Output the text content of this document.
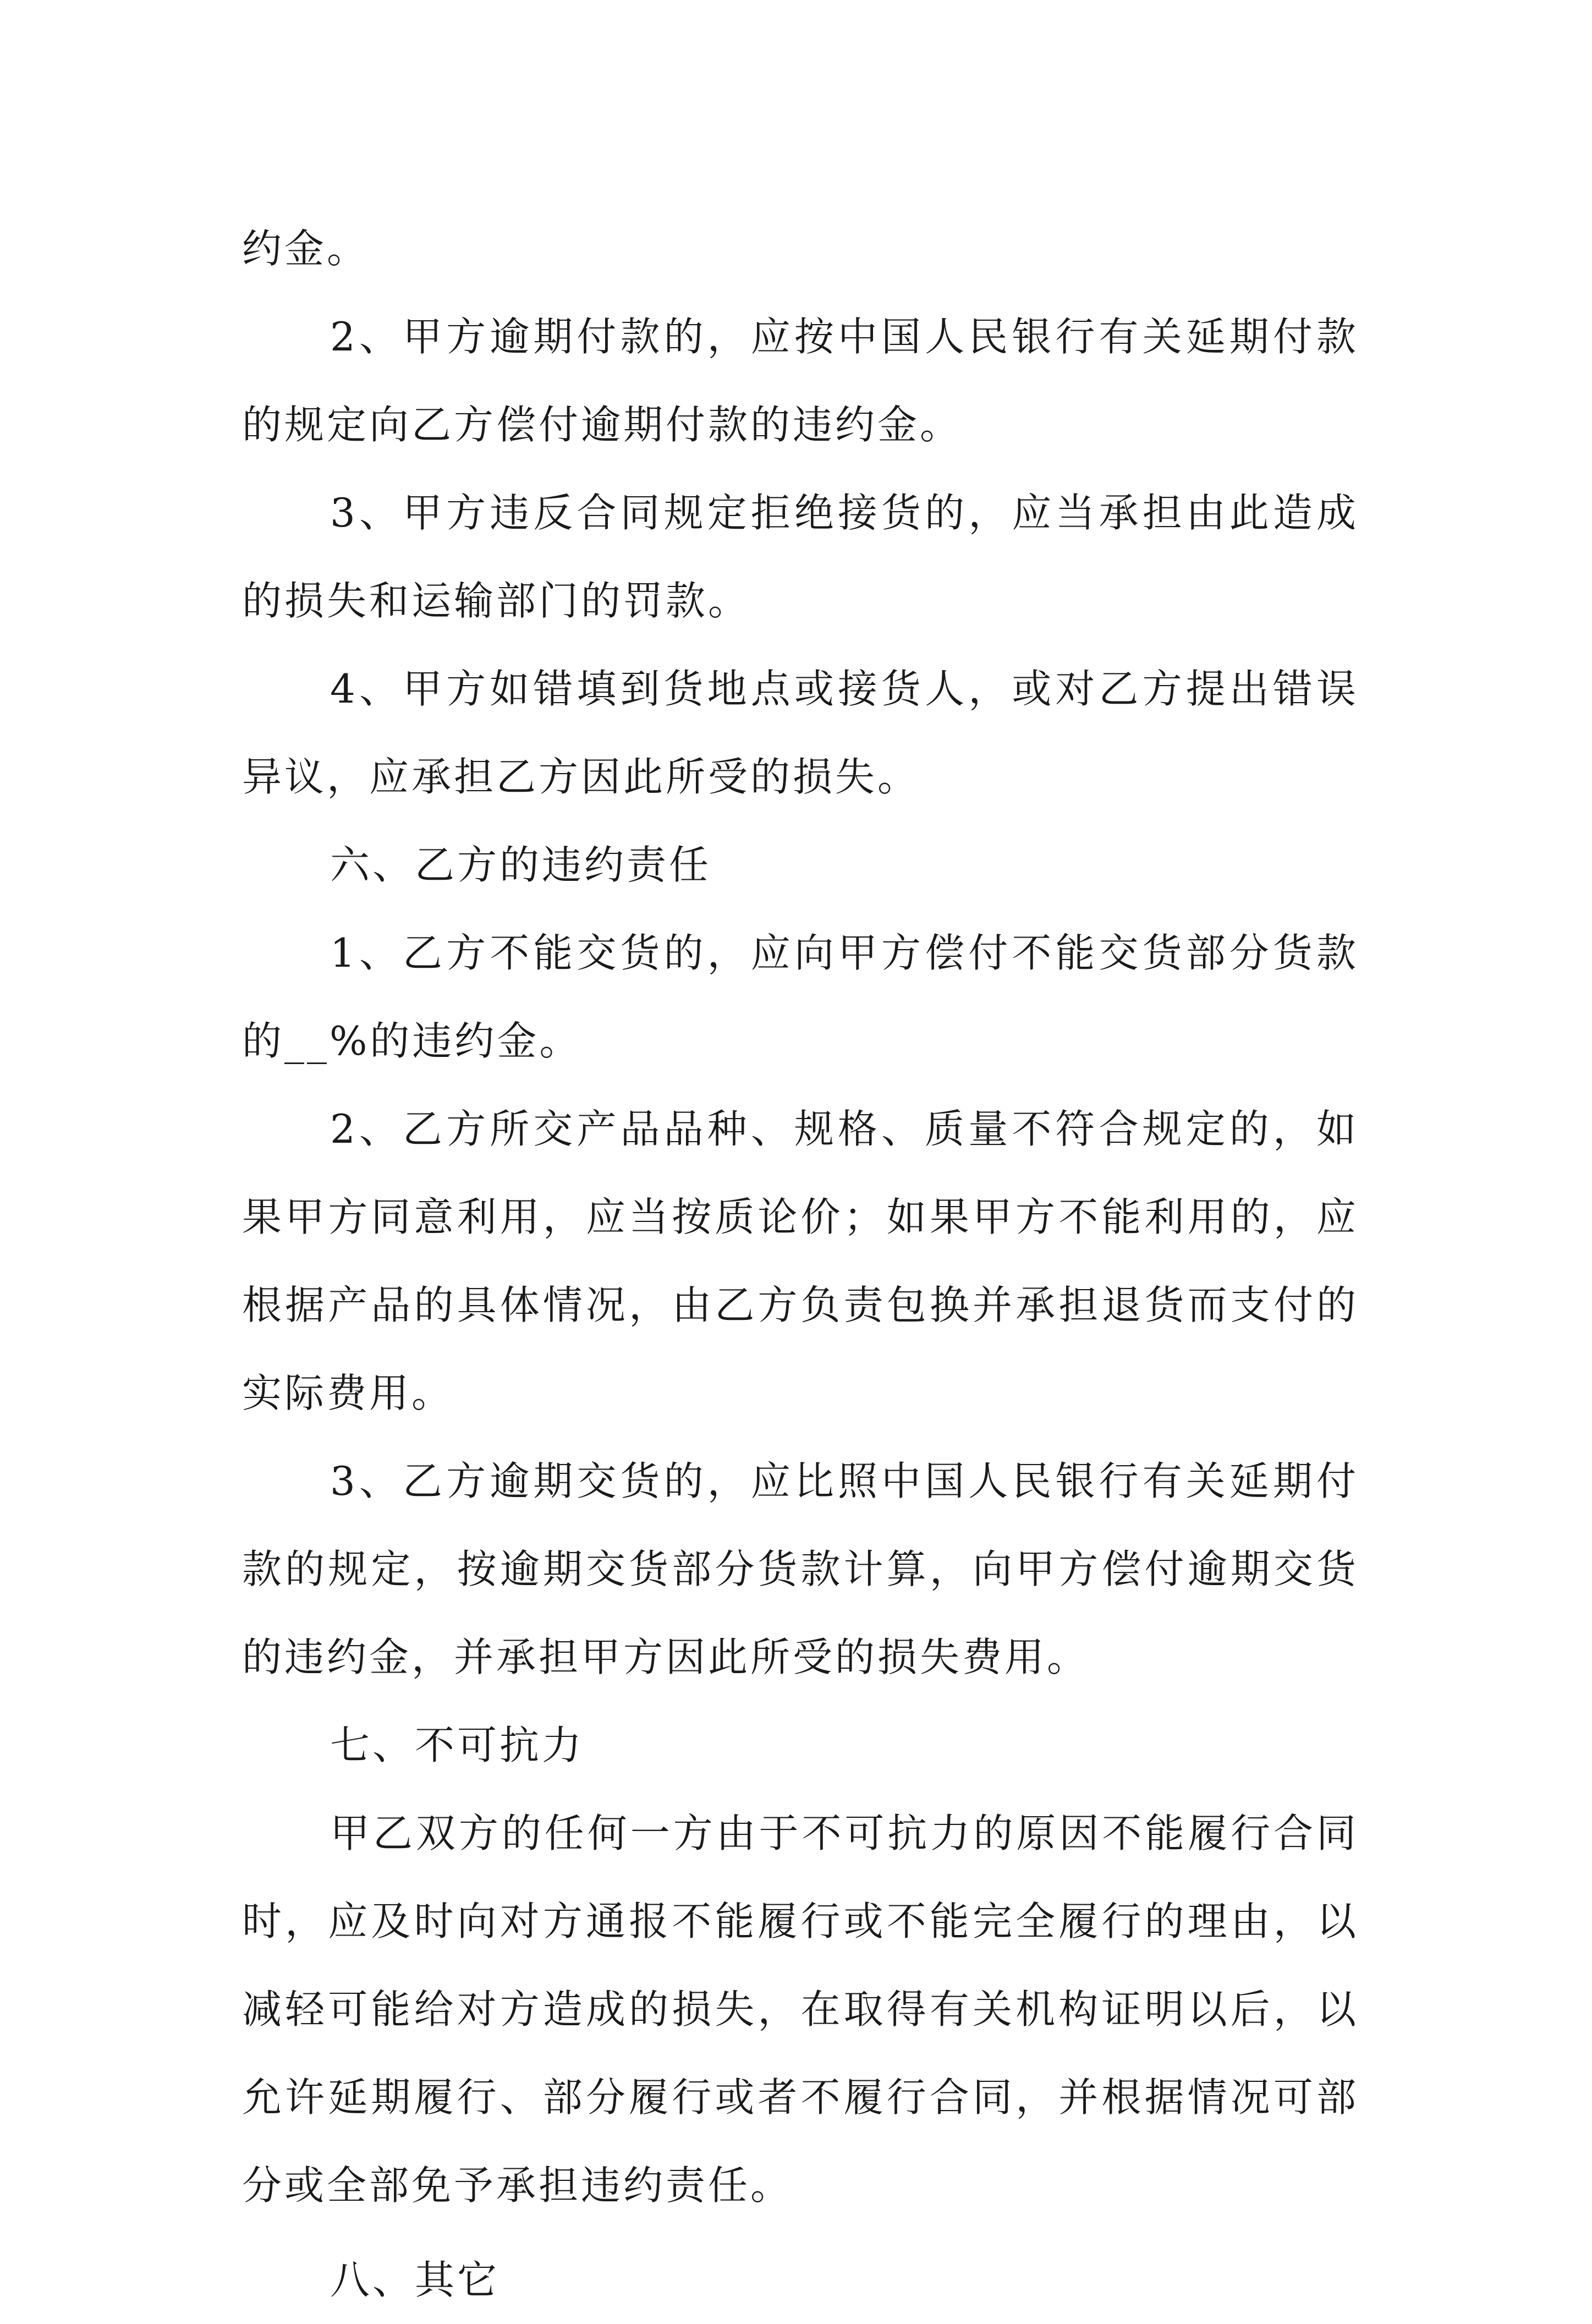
约金。

2、甲方逾期付款的，应按中国人民银行有关延期付款的规定向乙方偿付逾期付款的违约金。

3、甲方违反合同规定拒绝接货的，应当承担由此造成的损失和运输部门的罚款。

4、甲方如错填到货地点或接货人，或对乙方提出错误异议，应承担乙方因此所受的损失。

六、乙方的违约责任

1、乙方不能交货的，应向甲方偿付不能交货部分货款的__%的违约金。

2、乙方所交产品品种、规格、质量不符合规定的，如果甲方同意利用，应当按质论价；如果甲方不能利用的，应根据产品的具体情况，由乙方负责包换并承担退货而支付的实际费用。

3、乙方逾期交货的，应比照中国人民银行有关延期付款的规定，按逾期交货部分货款计算，向甲方偿付逾期交货的违约金，并承担甲方因此所受的损失费用。

七、不可抗力

甲乙双方的任何一方由于不可抗力的原因不能履行合同时，应及时向对方通报不能履行或不能完全履行的理由，以减轻可能给对方造成的损失，在取得有关机构证明以后，以允许延期履行、部分履行或者不履行合同，并根据情况可部分或全部免予承担违约责任。

八、其它
